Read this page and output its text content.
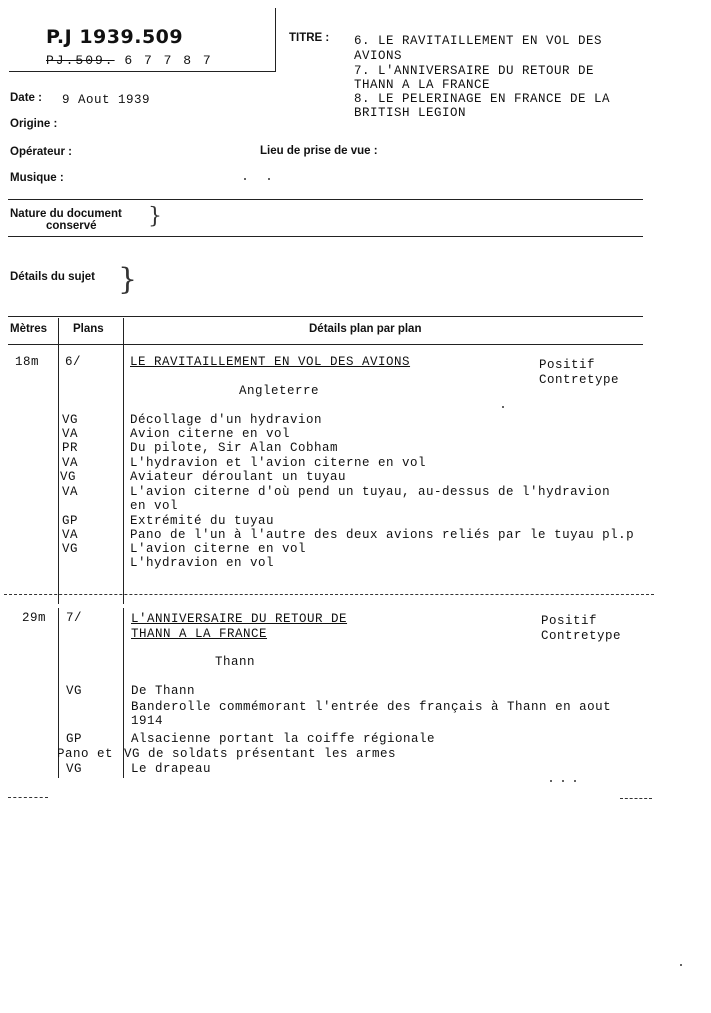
P.J 1939.509
PJ.509. 6 7 7 8 7
TITRE : 6. LE RAVITAILLEMENT EN VOL DES
AVIONS
7. L'ANNIVERSAIRE DU RETOUR DE
THANN A LA FRANCE
8. LE PELERINAGE EN FRANCE DE LA
BRITISH LEGION
Date : 9 Aout 1939
Origine :
Opérateur :	Lieu de prise de vue :
Musique :
Nature du document
conservé }
Détails du sujet }
Mètres Plans	Détails plan par plan
18m 6/	LE RAVITAILLEMENT EN VOL DES AVIONS	Positif
Contretype
Angleterre
VG	Décollage d'un hydravion
VA	Avion citerne en vol
PR	Du pilote, Sir Alan Cobham
VA	L'hydravion et l'avion citerne en vol
VG	Aviateur déroulant un tuyau
VA	L'avion citerne d'où pend un tuyau, au-dessus de l'hydravion
en vol
GP	Extrémité du tuyau
VA	Pano de l'un à l'autre des deux avions reliés par le tuyau pl.p
VG	L'avion citerne en vol
L'hydravion en vol
29m 7/	L'ANNIVERSAIRE DU RETOUR DE
THANN A LA FRANCE
Positif
Contretype
Thann
VG	De Thann
Banderolle commémorant l'entrée des français à Thann en aout
1914
GP	Alsacienne portant la coiffe régionale
Pano et VG de soldats présentant les armes
VG	Le drapeau
